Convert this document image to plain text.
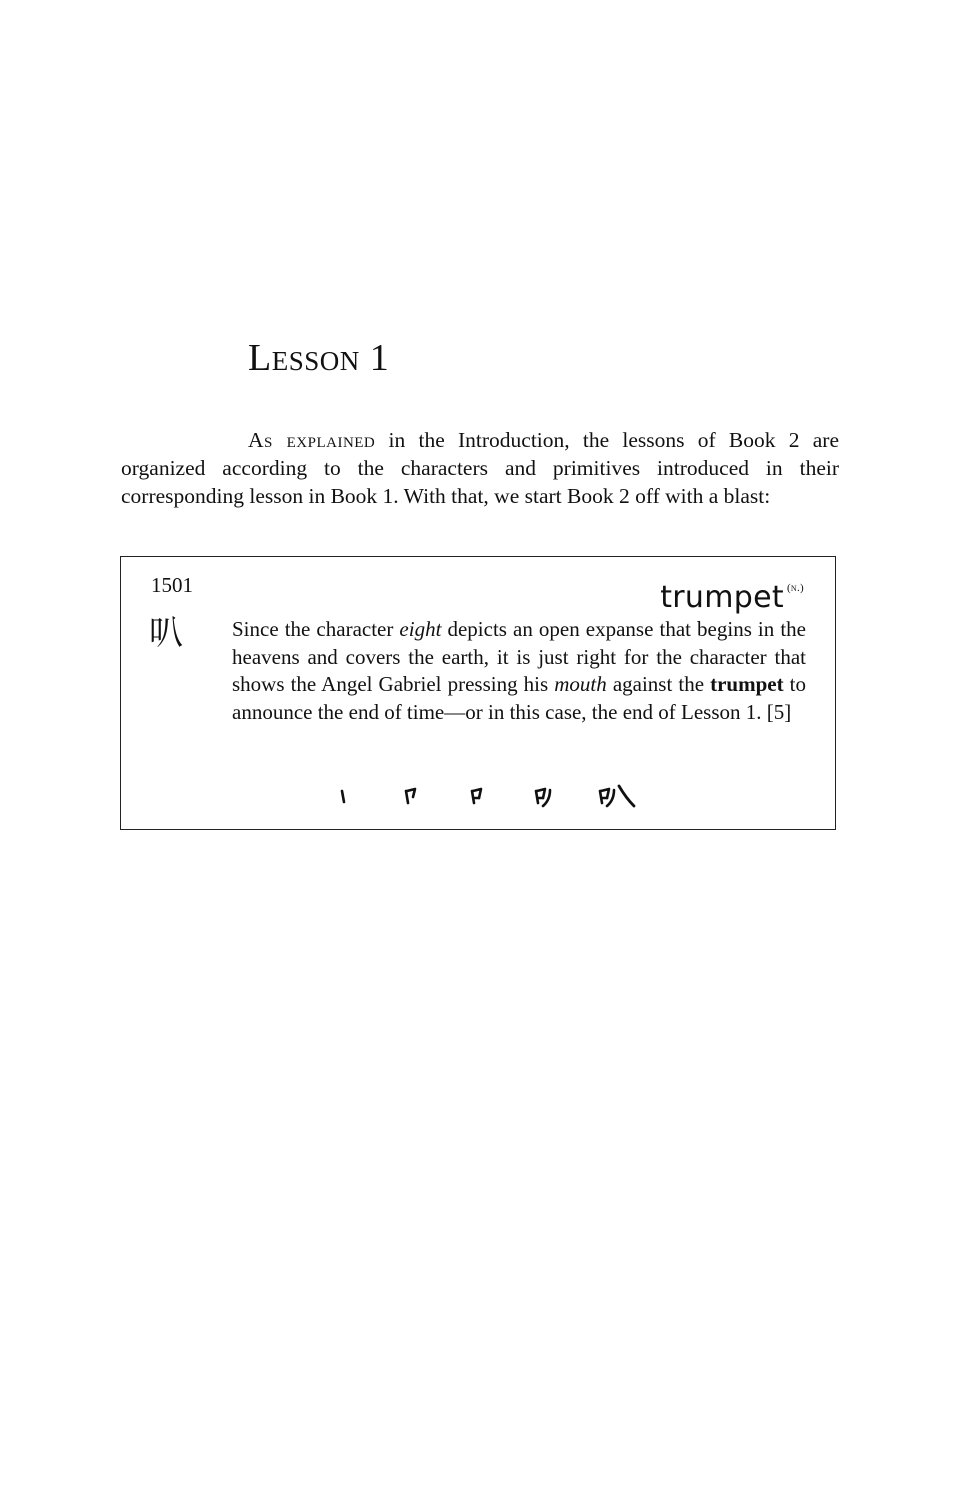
Lesson 1

As explained in the Introduction, the lessons of Book 2 are organized according to the characters and primitives introduced in their corresponding lesson in Book 1. With that, we start Book 2 off with a blast:

1501	trumpet $^{(n.)}$
叭 Since the character eight depicts an open expanse that begins in the heavens and covers the earth, it is just right for the character that shows the Angel Gabriel pressing his mouth against the trumpet to announce the end of time—or in this case, the end of Lesson 1. [5]
